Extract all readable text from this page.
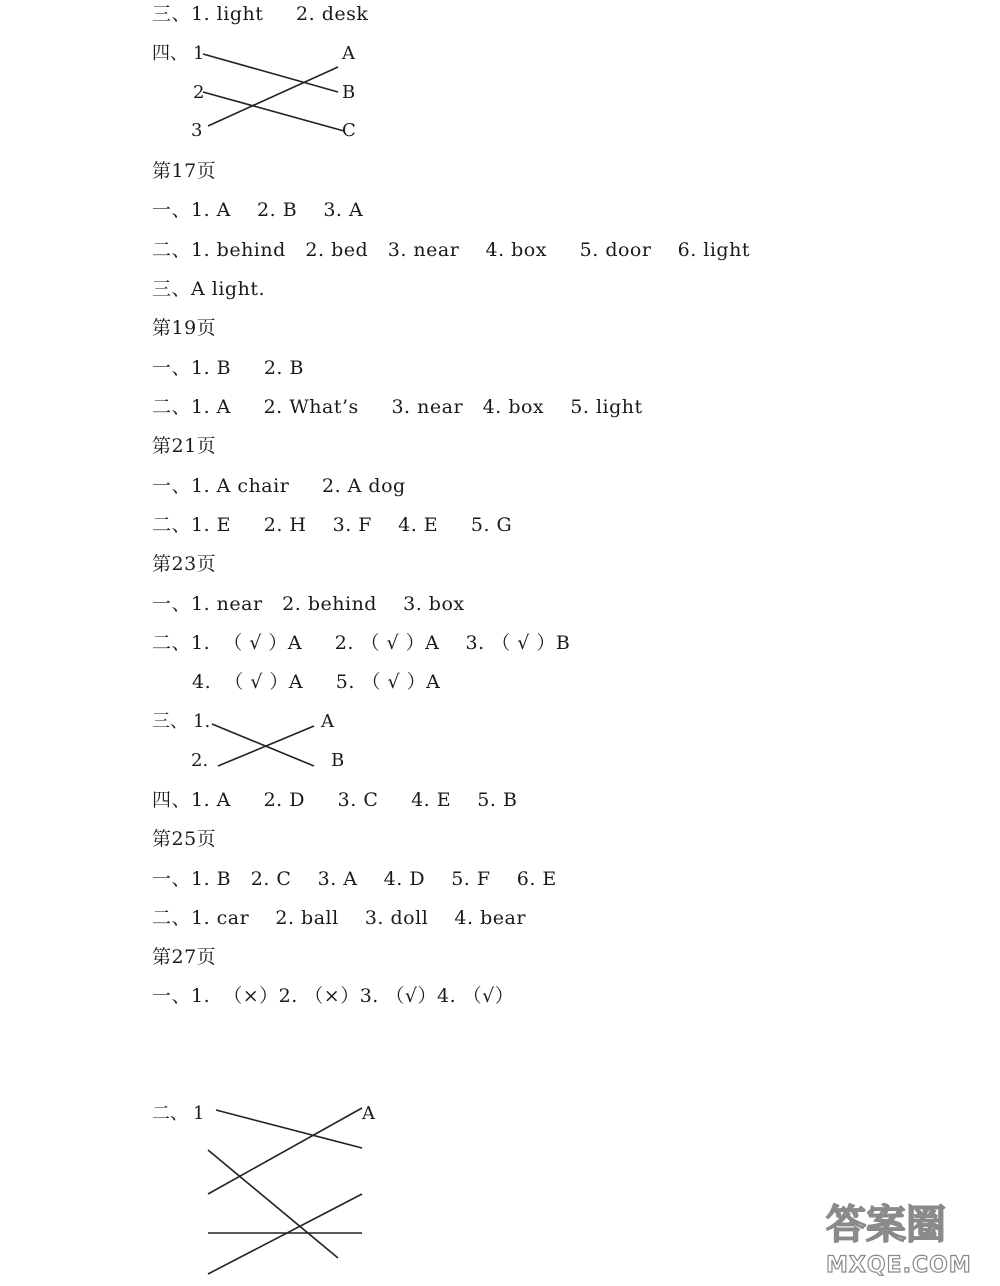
三、1. light     2. desk
四、 1
2
3
A
B
C
第17页
一、1. A    2. B    3. A
二、1. behind   2. bed   3. near    4. box     5. door    6. light
三、A light.
第19页
一、1. B     2. B
二、1. A     2. What’s     3. near   4. box    5. light
第21页
一、1. A chair     2. A dog
二、1. E     2. H    3. F    4. E     5. G
第23页
一、1. near   2. behind    3. box
二、1.  （ √ ）A     2. （ √ ）A    3. （ √ ）B
4.  （ √ ）A     5. （ √ ）A
三、 1.
2.
A
B
四、1. A     2. D     3. C     4. E    5. B
第25页
一、1. B   2. C    3. A    4. D    5. F    6. E
二、1. car    2. ball    3. doll    4. bear
第27页
一、1.  （×）2. （×）3. （√）4. （√）
二、 1	A
答案圈
MXQE.COM
